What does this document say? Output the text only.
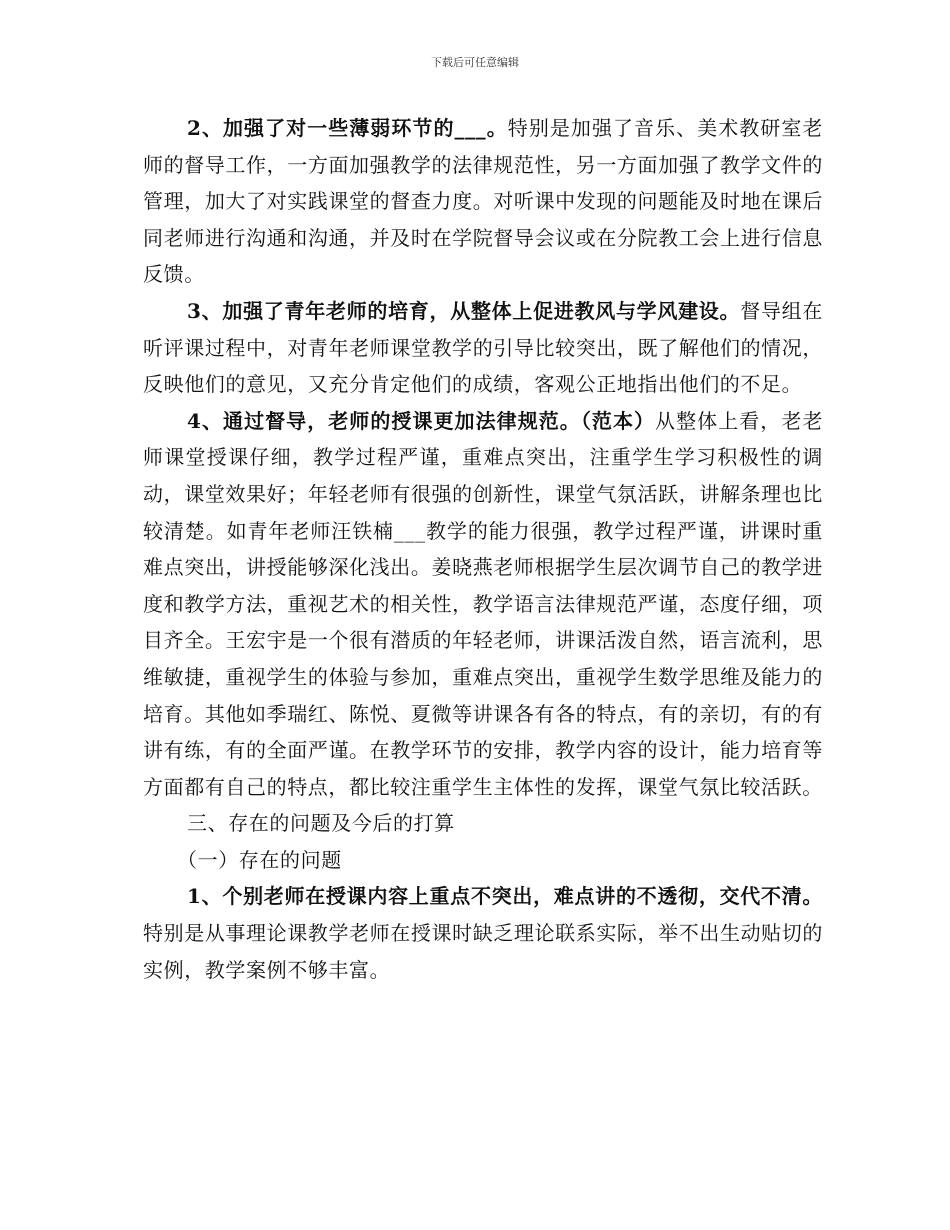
下载后可任意编辑

2、加强了对一些薄弱环节的___。特别是加强了音乐、美术教研室老师的督导工作，一方面加强教学的法律规范性，另一方面加强了教学文件的管理，加大了对实践课堂的督查力度。对听课中发现的问题能及时地在课后同老师进行沟通和沟通，并及时在学院督导会议或在分院教工会上进行信息反馈。

3、加强了青年老师的培育，从整体上促进教风与学风建设。督导组在听评课过程中，对青年老师课堂教学的引导比较突出，既了解他们的情况，反映他们的意见，又充分肯定他们的成绩，客观公正地指出他们的不足。

4、通过督导，老师的授课更加法律规范。（范本）从整体上看，老老师课堂授课仔细，教学过程严谨，重难点突出，注重学生学习积极性的调动，课堂效果好；年轻老师有很强的创新性，课堂气氛活跃，讲解条理也比较清楚。如青年老师汪铁楠___教学的能力很强，教学过程严谨，讲课时重难点突出，讲授能够深化浅出。姜晓燕老师根据学生层次调节自己的教学进度和教学方法，重视艺术的相关性，教学语言法律规范严谨，态度仔细，项目齐全。王宏宇是一个很有潜质的年轻老师，讲课活泼自然，语言流利，思维敏捷，重视学生的体验与参加，重难点突出，重视学生数学思维及能力的培育。其他如季瑞红、陈悦、夏微等讲课各有各的特点，有的亲切，有的有讲有练，有的全面严谨。在教学环节的安排，教学内容的设计，能力培育等方面都有自己的特点，都比较注重学生主体性的发挥，课堂气氛比较活跃。

三、存在的问题及今后的打算

（一）存在的问题

1、个别老师在授课内容上重点不突出，难点讲的不透彻，交代不清。特别是从事理论课教学老师在授课时缺乏理论联系实际，举不出生动贴切的实例，教学案例不够丰富。
